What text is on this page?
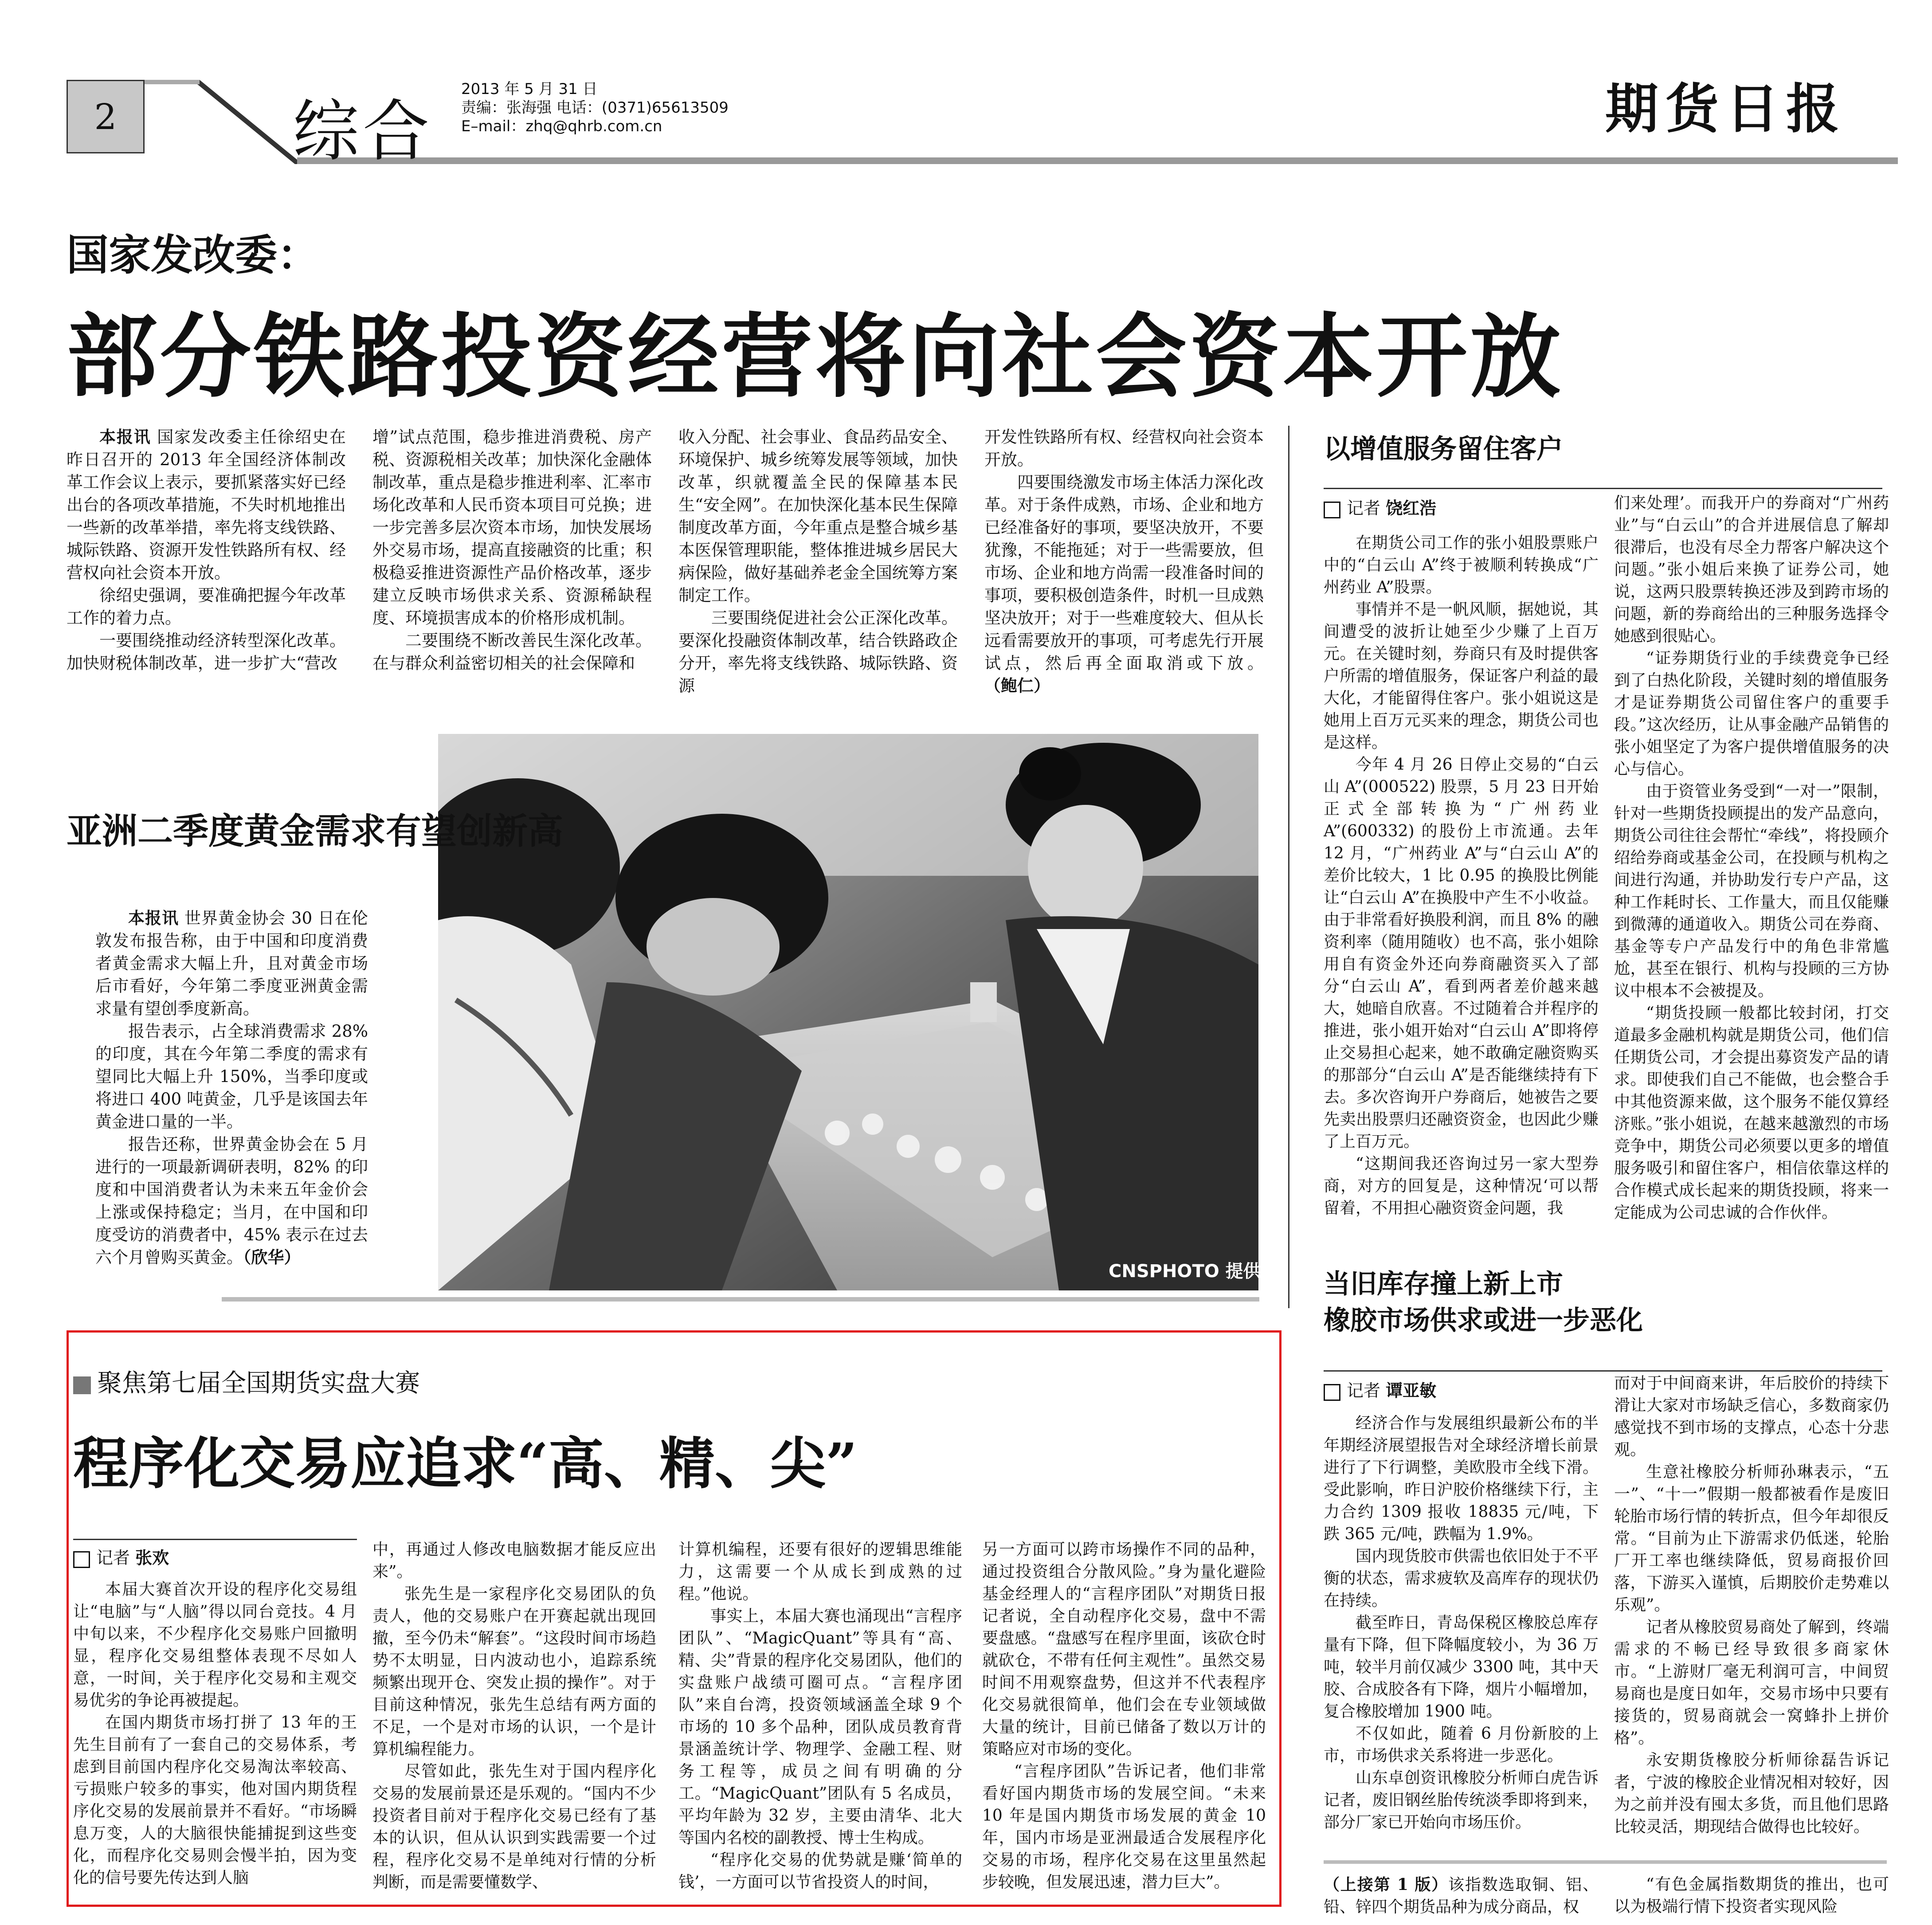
2	综合
2013 年 5 月 31 日
责编：张海强 电话：(0371)65613509
E–mail：zhq@qhrb.com.cn	期货日报
国家发改委：
部分铁路投资经营将向社会资本开放

本报讯 国家发改委主任徐绍史在昨日召开的 2013 年全国经济体制改革工作会议上表示，要抓紧落实好已经出台的各项改革措施，不失时机地推出一些新的改革举措，率先将支线铁路、城际铁路、资源开发性铁路所有权、经营权向社会资本开放。

徐绍史强调，要准确把握今年改革工作的着力点。

一要围绕推动经济转型深化改革。加快财税体制改革，进一步扩大“营改

增”试点范围，稳步推进消费税、房产税、资源税相关改革；加快深化金融体制改革，重点是稳步推进利率、汇率市场化改革和人民币资本项目可兑换；进一步完善多层次资本市场，加快发展场外交易市场，提高直接融资的比重；积极稳妥推进资源性产品价格改革，逐步建立反映市场供求关系、资源稀缺程度、环境损害成本的价格形成机制。

二要围绕不断改善民生深化改革。在与群众利益密切相关的社会保障和

收入分配、社会事业、食品药品安全、环境保护、城乡统筹发展等领域，加快改革，织就覆盖全民的保障基本民生“安全网”。在加快深化基本民生保障制度改革方面，今年重点是整合城乡基本医保管理职能，整体推进城乡居民大病保险，做好基础养老金全国统筹方案制定工作。

三要围绕促进社会公正深化改革。要深化投融资体制改革，结合铁路政企分开，率先将支线铁路、城际铁路、资源

开发性铁路所有权、经营权向社会资本开放。

四要围绕激发市场主体活力深化改革。对于条件成熟，市场、企业和地方已经准备好的事项，要坚决放开，不要犹豫，不能拖延；对于一些需要放，但市场、企业和地方尚需一段准备时间的事项，要积极创造条件，时机一旦成熟坚决放开；对于一些难度较大、但从长远看需要放开的事项，可考虑先行开展试点，然后再全面取消或下放。（鲍仁）

CNSPHOTO 提供
亚洲二季度黄金需求有望创新高

本报讯 世界黄金协会 30 日在伦敦发布报告称，由于中国和印度消费者黄金需求大幅上升，且对黄金市场后市看好，今年第二季度亚洲黄金需求量有望创季度新高。

报告表示，占全球消费需求 28% 的印度，其在今年第二季度的需求有望同比大幅上升 150%，当季印度或将进口 400 吨黄金，几乎是该国去年黄金进口量的一半。

报告还称，世界黄金协会在 5 月进行的一项最新调研表明，82% 的印度和中国消费者认为未来五年金价会上涨或保持稳定；当月，在中国和印度受访的消费者中，45% 表示在过去六个月曾购买黄金。（欣华）

以增值服务留住客户
记者 饶红浩

在期货公司工作的张小姐股票账户中的“白云山 A”终于被顺利转换成“广州药业 A”股票。

事情并不是一帆风顺，据她说，其间遭受的波折让她至少少赚了上百万元。在关键时刻，券商只有及时提供客户所需的增值服务，保证客户利益的最大化，才能留得住客户。张小姐说这是她用上百万元买来的理念，期货公司也是这样。

今年 4 月 26 日停止交易的“白云山 A”(000522) 股票，5 月 23 日开始正式全部转换为“广州药业 A”(600332) 的股份上市流通。去年 12 月，“广州药业 A”与“白云山 A”的差价比较大，1 比 0.95 的换股比例能让“白云山 A”在换股中产生不小收益。由于非常看好换股利润，而且 8% 的融资利率（随用随收）也不高，张小姐除用自有资金外还向券商融资买入了部分“白云山 A”，看到两者差价越来越大，她暗自欣喜。不过随着合并程序的推进，张小姐开始对“白云山 A”即将停止交易担心起来，她不敢确定融资购买的那部分“白云山 A”是否能继续持有下去。多次咨询开户券商后，她被告之要先卖出股票归还融资资金，也因此少赚了上百万元。

“这期间我还咨询过另一家大型券商，对方的回复是，这种情况‘可以帮留着，不用担心融资资金问题，我

们来处理’。而我开户的券商对“广州药业”与“白云山”的合并进展信息了解却很滞后，也没有尽全力帮客户解决这个问题。”张小姐后来换了证券公司，她说，这两只股票转换还涉及到跨市场的问题，新的券商给出的三种服务选择令她感到很贴心。

“证券期货行业的手续费竞争已经到了白热化阶段，关键时刻的增值服务才是证券期货公司留住客户的重要手段。”这次经历，让从事金融产品销售的张小姐坚定了为客户提供增值服务的决心与信心。

由于资管业务受到“一对一”限制，针对一些期货投顾提出的发产品意向，期货公司往往会帮忙“牵线”，将投顾介绍给券商或基金公司，在投顾与机构之间进行沟通，并协助发行专户产品，这种工作耗时长、工作量大，而且仅能赚到微薄的通道收入。期货公司在券商、基金等专户产品发行中的角色非常尴尬，甚至在银行、机构与投顾的三方协议中根本不会被提及。

“期货投顾一般都比较封闭，打交道最多金融机构就是期货公司，他们信任期货公司，才会提出募资发产品的请求。即使我们自己不能做，也会整合手中其他资源来做，这个服务不能仅算经济账。”张小姐说，在越来越激烈的市场竞争中，期货公司必须要以更多的增值服务吸引和留住客户，相信依靠这样的合作模式成长起来的期货投顾，将来一定能成为公司忠诚的合作伙伴。

当旧库存撞上新上市
橡胶市场供求或进一步恶化
记者 谭亚敏

经济合作与发展组织最新公布的半年期经济展望报告对全球经济增长前景进行了下行调整，美欧股市全线下滑。受此影响，昨日沪胶价格继续下行，主力合约 1309 报收 18835 元/吨，下跌 365 元/吨，跌幅为 1.9%。

国内现货胶市供需也依旧处于不平衡的状态，需求疲软及高库存的现状仍在持续。

截至昨日，青岛保税区橡胶总库存量有下降，但下降幅度较小，为 36 万吨，较半月前仅减少 3300 吨，其中天胶、合成胶各有下降，烟片小幅增加，复合橡胶增加 1900 吨。

不仅如此，随着 6 月份新胶的上市，市场供求关系将进一步恶化。

山东卓创资讯橡胶分析师白虎告诉记者，废旧钢丝胎传统淡季即将到来，部分厂家已开始向市场压价。

而对于中间商来讲，年后胶价的持续下滑让大家对市场缺乏信心，多数商家仍感觉找不到市场的支撑点，心态十分悲观。

生意社橡胶分析师孙琳表示，“五一”、“十一”假期一般都被看作是废旧轮胎市场行情的转折点，但今年却很反常。“目前为止下游需求仍低迷，轮胎厂开工率也继续降低，贸易商报价回落，下游买入谨慎，后期胶价走势难以乐观”。

记者从橡胶贸易商处了解到，终端需求的不畅已经导致很多商家休市。“上游财厂毫无利润可言，中间贸易商也是度日如年，交易市场中只要有接货的，贸易商就会一窝蜂扑上拼价格”。

永安期货橡胶分析师徐磊告诉记者，宁波的橡胶企业情况相对较好，因为之前并没有囤太多货，而且他们思路比较灵活，期现结合做得也比较好。

（上接第 1 版）该指数选取铜、铝、铅、锌四个期货品种为成分商品，权

“有色金属指数期货的推出，也可以为极端行情下投资者实现风险

聚焦第七届全国期货实盘大赛
程序化交易应追求“高、精、尖”
记者 张欢

本届大赛首次开设的程序化交易组让“电脑”与“人脑”得以同台竞技。4 月中旬以来，不少程序化交易账户回撤明显，程序化交易组整体表现不尽如人意，一时间，关于程序化交易和主观交易优劣的争论再被提起。

在国内期货市场打拼了 13 年的王先生目前有了一套自己的交易体系，考虑到目前国内程序化交易淘汰率较高、亏损账户较多的事实，他对国内期货程序化交易的发展前景并不看好。“市场瞬息万变，人的大脑很快能捕捉到这些变化，而程序化交易则会慢半拍，因为变化的信号要先传达到人脑

中，再通过人修改电脑数据才能反应出来”。

张先生是一家程序化交易团队的负责人，他的交易账户在开赛起就出现回撤，至今仍未“解套”。“这段时间市场趋势不太明显，日内波动也小，追踪系统频繁出现开仓、突发止损的操作”。对于目前这种情况，张先生总结有两方面的不足，一个是对市场的认识，一个是计算机编程能力。

尽管如此，张先生对于国内程序化交易的发展前景还是乐观的。“国内不少投资者目前对于程序化交易已经有了基本的认识，但从认识到实践需要一个过程，程序化交易不是单纯对行情的分析判断，而是需要懂数学、

计算机编程，还要有很好的逻辑思维能力，这需要一个从成长到成熟的过程。”他说。

事实上，本届大赛也涌现出“言程序团队”、“MagicQuant”等具有“高、精、尖”背景的程序化交易团队，他们的实盘账户战绩可圈可点。“言程序团队”来自台湾，投资领域涵盖全球 9 个市场的 10 多个品种，团队成员教育背景涵盖统计学、物理学、金融工程、财务工程等，成员之间有明确的分工。“MagicQuant”团队有 5 名成员，平均年龄为 32 岁，主要由清华、北大等国内名校的副教授、博士生构成。

“程序化交易的优势就是赚‘简单的钱’，一方面可以节省投资人的时间，

另一方面可以跨市场操作不同的品种，通过投资组合分散风险。”身为量化避险基金经理人的“言程序团队”对期货日报记者说，全自动程序化交易，盘中不需要盘感。“盘感写在程序里面，该砍仓时就砍仓，不带有任何主观性”。虽然交易时间不用观察盘势，但这并不代表程序化交易就很简单，他们会在专业领域做大量的统计，目前已储备了数以万计的策略应对市场的变化。

“言程序团队”告诉记者，他们非常看好国内期货市场的发展空间。“未来 10 年是国内期货市场发展的黄金 10 年，国内市场是亚洲最适合发展程序化交易的市场，程序化交易在这里虽然起步较晚，但发展迅速，潜力巨大”。
